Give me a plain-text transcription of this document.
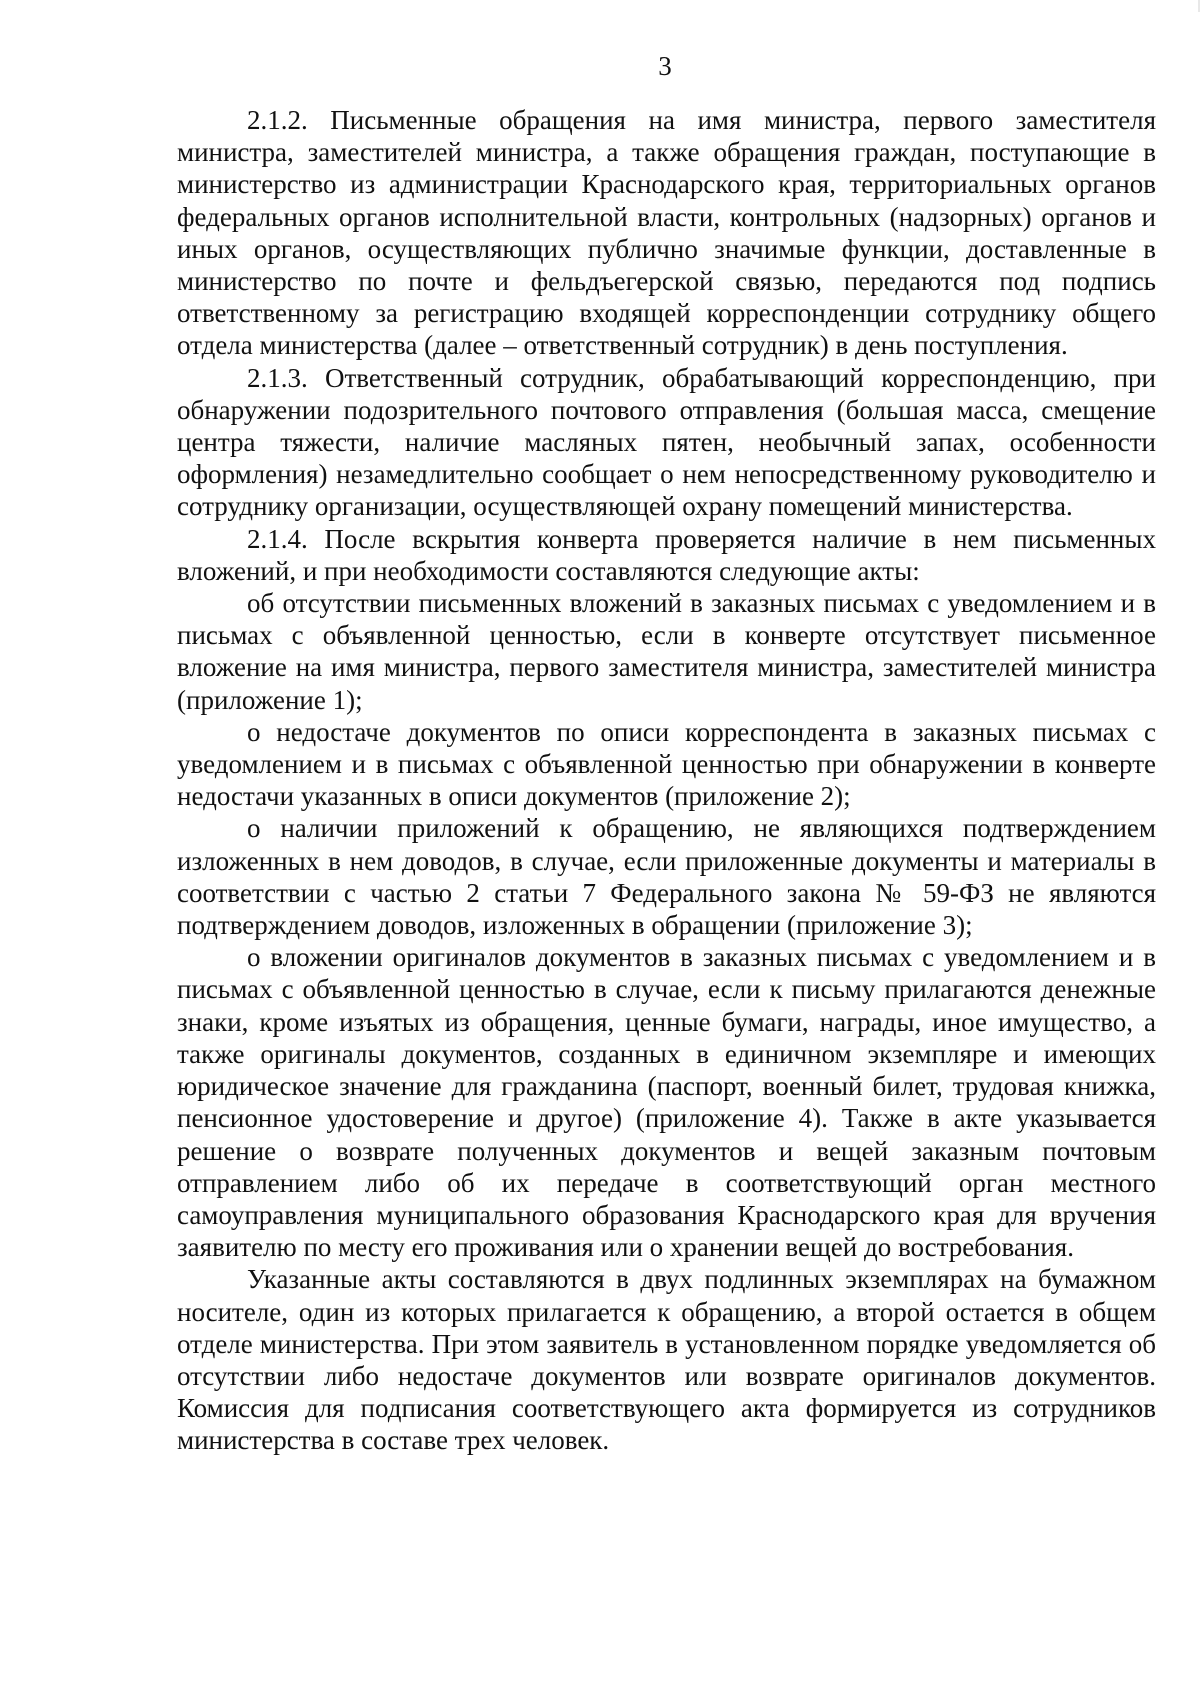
3

2.1.2. Письменные обращения на имя министра, первого заместителя министра, заместителей министра, а также обращения граждан, поступающие в министерство из администрации Краснодарского края, территориальных органов федеральных органов исполнительной власти, контрольных (надзорных) органов и иных органов, осуществляющих публично значимые функции, доставленные в министерство по почте и фельдъегерской связью, передаются под подпись ответственному за регистрацию входящей корреспонденции сотруднику общего отдела министерства (далее – ответственный сотрудник) в день поступления.

2.1.3. Ответственный сотрудник, обрабатывающий корреспонденцию, при обнаружении подозрительного почтового отправления (большая масса, смещение центра тяжести, наличие масляных пятен, необычный запах, особенности оформления) незамедлительно сообщает о нем непосредственному руководителю и сотруднику организации, осуществляющей охрану помещений министерства.

2.1.4. После вскрытия конверта проверяется наличие в нем письменных вложений, и при необходимости составляются следующие акты:

об отсутствии письменных вложений в заказных письмах с уведомлением и в письмах с объявленной ценностью, если в конверте отсутствует письменное вложение на имя министра, первого заместителя министра, заместителей министра (приложение 1);

о недостаче документов по описи корреспондента в заказных письмах с уведомлением и в письмах с объявленной ценностью при обнаружении в конверте недостачи указанных в описи документов (приложение 2);

о наличии приложений к обращению, не являющихся подтверждением изложенных в нем доводов, в случае, если приложенные документы и материалы в соответствии с частью 2 статьи 7 Федерального закона № 59-ФЗ не являются подтверждением доводов, изложенных в обращении (приложение 3);

о вложении оригиналов документов в заказных письмах с уведомлением и в письмах с объявленной ценностью в случае, если к письму прилагаются денежные знаки, кроме изъятых из обращения, ценные бумаги, награды, иное имущество, а также оригиналы документов, созданных в единичном экземпляре и имеющих юридическое значение для гражданина (паспорт, военный билет, трудовая книжка, пенсионное удостоверение и другое) (приложение 4). Также в акте указывается решение о возврате полученных документов и вещей заказным почтовым отправлением либо об их передаче в соответствующий орган местного самоуправления муниципального образования Краснодарского края для вручения заявителю по месту его проживания или о хранении вещей до востребования.

Указанные акты составляются в двух подлинных экземплярах на бумажном носителе, один из которых прилагается к обращению, а второй остается в общем отделе министерства. При этом заявитель в установленном порядке уведомляется об отсутствии либо недостаче документов или возврате оригиналов документов. Комиссия для подписания соответствующего акта формируется из сотрудников министерства в составе трех человек.
